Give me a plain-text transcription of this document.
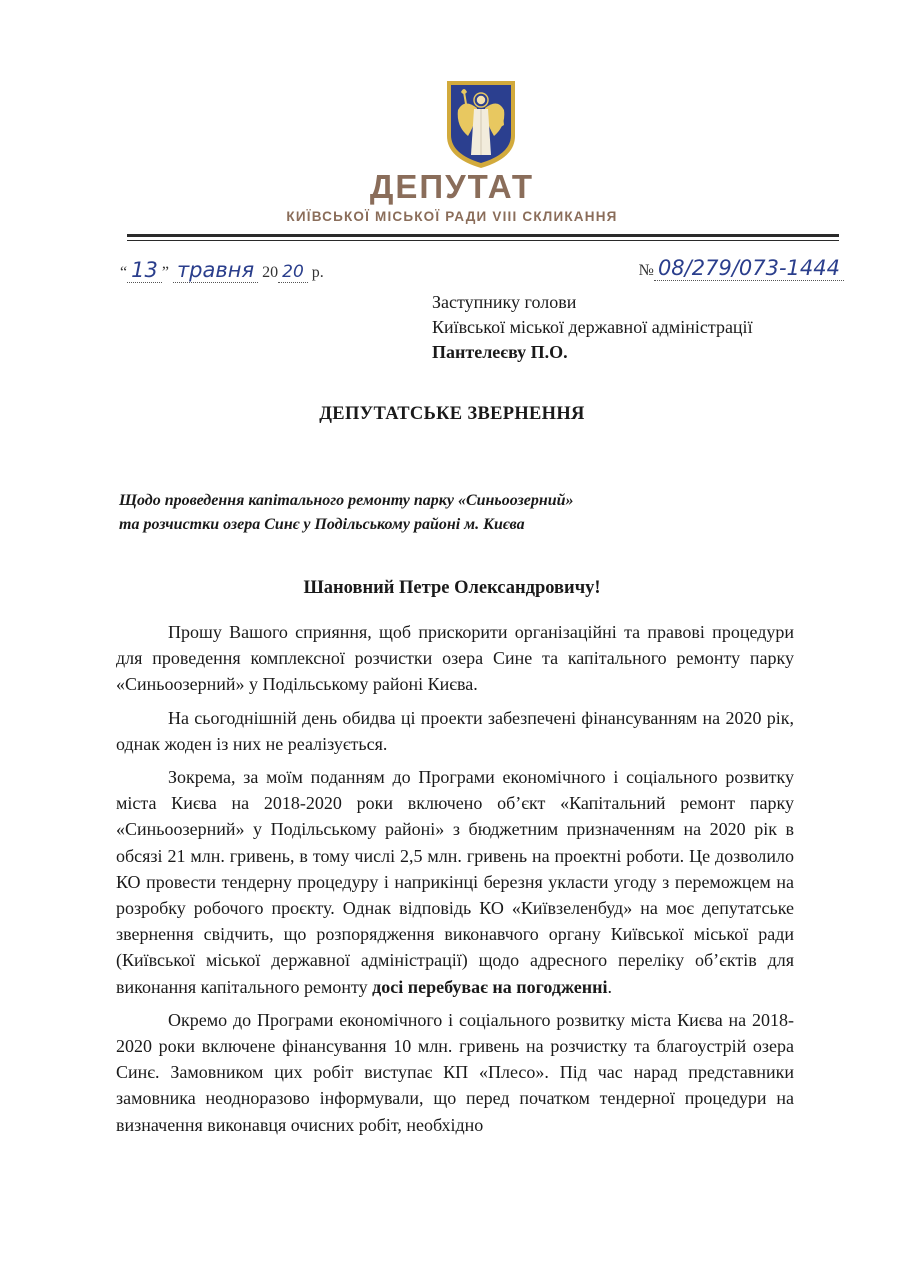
ДЕПУТАТ
КИЇВСЬКОЇ МІСЬКОЇ РАДИ VIII СКЛИКАННЯ
“ 13 ” травня 20 20 р.	№ 08/279/073-1444
Заступнику голови
Київської міської державної адміністрації
Пантелеєву П.О.
ДЕПУТАТСЬКЕ ЗВЕРНЕННЯ
Щодо проведення капітального ремонту парку «Синьоозерний»
та розчистки озера Синє у Подільському районі м. Києва
Шановний Петре Олександровичу!

Прошу Вашого сприяння, щоб прискорити організаційні та правові процедури для проведення комплексної розчистки озера Сине та капітального ремонту парку «Синьоозерний» у Подільському районі Києва.

На сьогоднішній день обидва ці проекти забезпечені фінансуванням на 2020 рік, однак жоден із них не реалізується.

Зокрема, за моїм поданням до Програми економічного і соціального розвитку міста Києва на 2018-2020 роки включено об’єкт «Капітальний ремонт парку «Синьоозерний» у Подільському районі» з бюджетним призначенням на 2020 рік в обсязі 21 млн. гривень, в тому числі 2,5 млн. гривень на проектні роботи. Це дозволило КО провести тендерну процедуру і наприкінці березня укласти угоду з переможцем на розробку робочого проєкту. Однак відповідь КО «Київзеленбуд» на моє депутатське звернення свідчить, що розпорядження виконавчого органу Київської міської ради (Київської міської державної адміністрації) щодо адресного переліку об’єктів для виконання капітального ремонту досі перебуває на погодженні.

Окремо до Програми економічного і соціального розвитку міста Києва на 2018-2020 роки включене фінансування 10 млн. гривень на розчистку та благоустрій озера Синє. Замовником цих робіт виступає КП «Плесо». Під час нарад представники замовника неодноразово інформували, що перед початком тендерної процедури на визначення виконавця очисних робіт, необхідно
